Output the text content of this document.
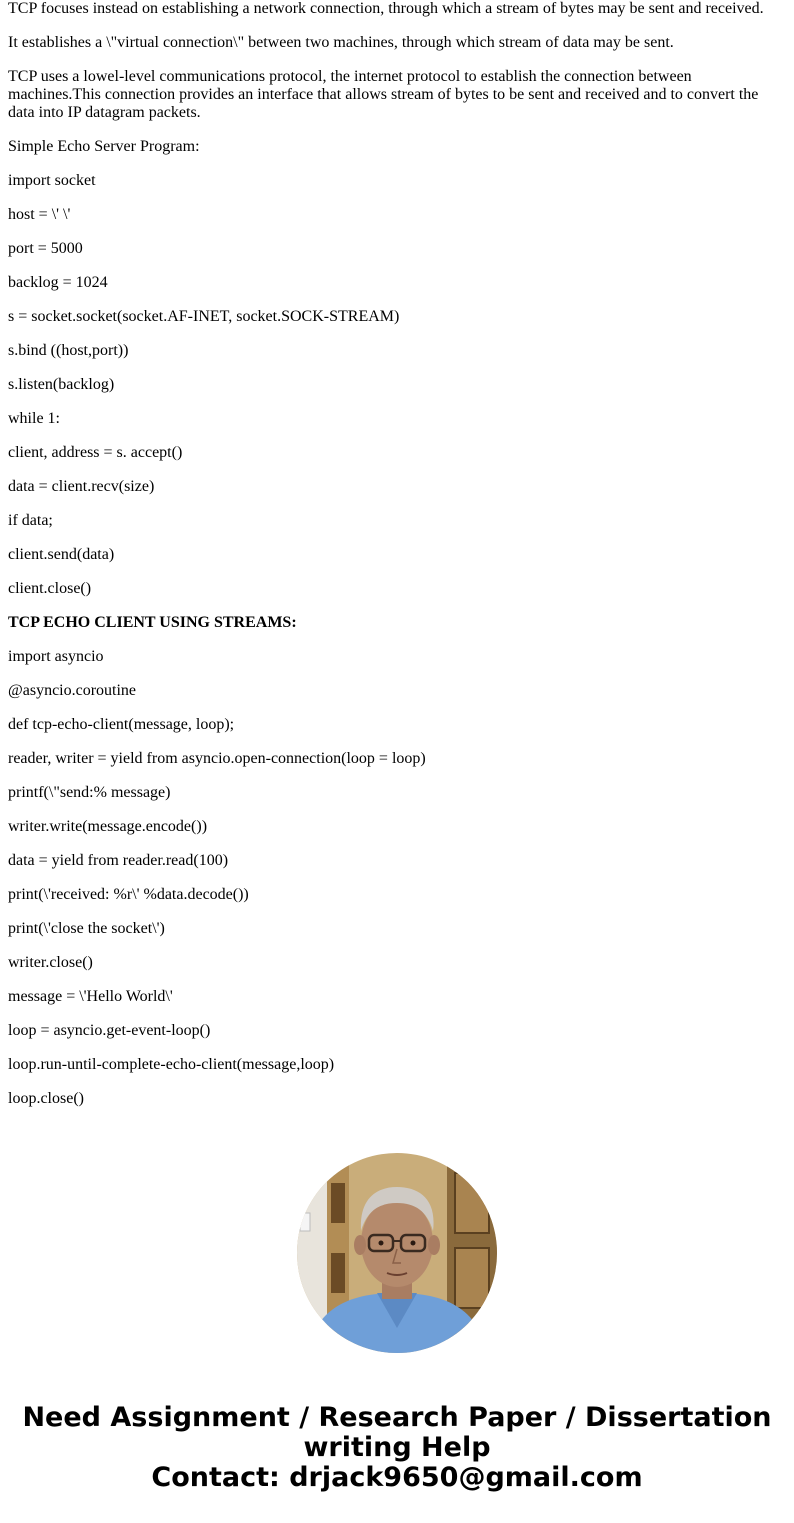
TCP focuses instead on establishing a network connection, through which a stream of bytes may be sent and received.

It establishes a \"virtual connection\" between two machines, through which stream of data may be sent.

TCP uses a lowel-level communications protocol, the internet protocol to establish the connection between machines.This connection provides an interface that allows stream of bytes to be sent and received and to convert the data into IP datagram packets.

Simple Echo Server Program:

import socket

host = \' \'

port = 5000

backlog = 1024

s = socket.socket(socket.AF-INET, socket.SOCK-STREAM)

s.bind ((host,port))

s.listen(backlog)

while 1:

client, address = s. accept()

data = client.recv(size)

if data;

client.send(data)

client.close()

TCP ECHO CLIENT USING STREAMS:

import asyncio

@asyncio.coroutine

def tcp-echo-client(message, loop);

reader, writer = yield from asyncio.open-connection(loop = loop)

printf(\"send:% message)

writer.write(message.encode())

data = yield from reader.read(100)

print(\'received: %r\' %data.decode())

print(\'close the socket\')

writer.close()

message = \'Hello World\'

loop = asyncio.get-event-loop()

loop.run-until-complete-echo-client(message,loop)

loop.close()

Need Assignment / Research Paper / Dissertation
writing Help
Contact: drjack9650@gmail.com
